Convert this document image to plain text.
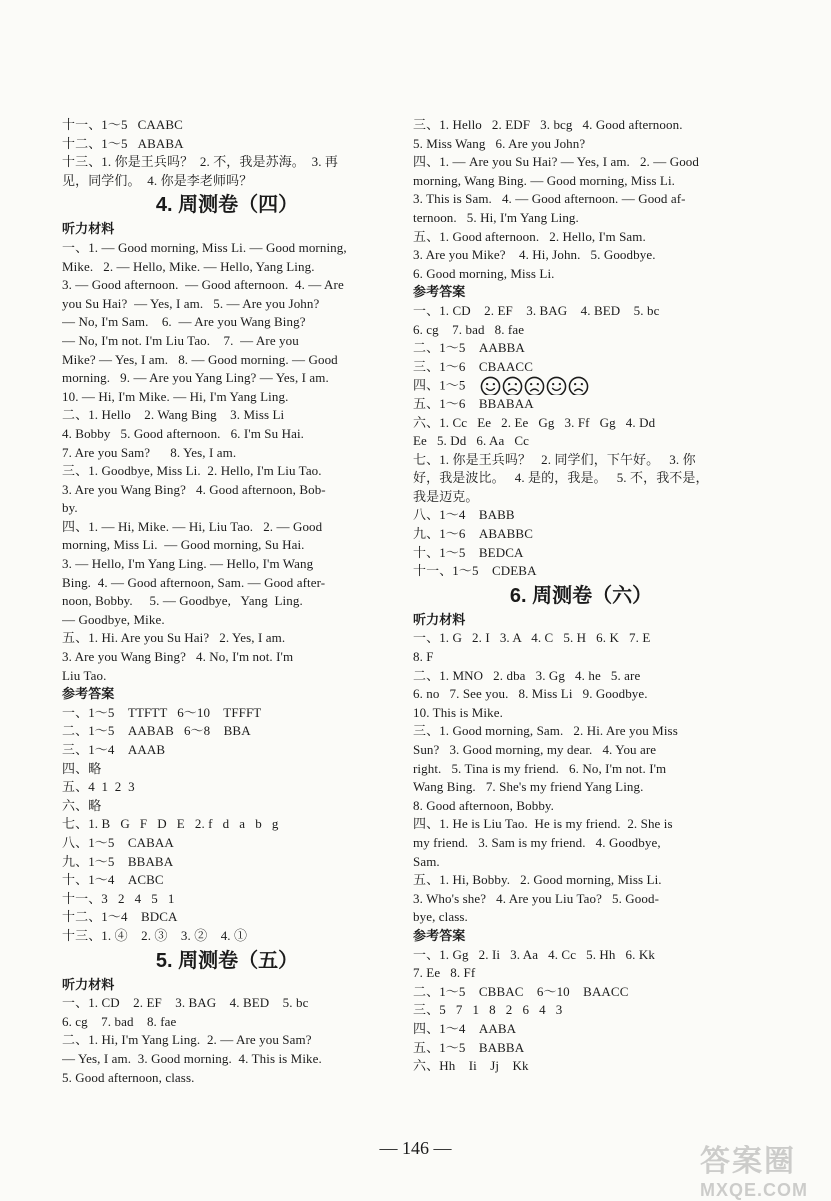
十一、1～5   CAABC
十二、1～5   ABABA
十三、1. 你是王兵吗？  2. 不，我是苏海。  3. 再
见，同学们。  4. 你是李老师吗？
4. 周测卷（四）
听力材料
一、1. — Good morning, Miss Li. — Good morning,
Mike.   2. — Hello, Mike. — Hello, Yang Ling.
3. — Good afternoon.  — Good afternoon.  4. — Are
you Su Hai?  — Yes, I am.   5. — Are you John?
— No, I'm Sam.    6.  — Are you Wang Bing?
— No, I'm not. I'm Liu Tao.    7.  — Are you
Mike? — Yes, I am.   8. — Good morning. — Good
morning.   9. — Are you Yang Ling? — Yes, I am.
10. — Hi, I'm Mike. — Hi, I'm Yang Ling.
二、1. Hello    2. Wang Bing    3. Miss Li
4. Bobby   5. Good afternoon.   6. I'm Su Hai.
7. Are you Sam?      8. Yes, I am.
三、1. Goodbye, Miss Li.  2. Hello, I'm Liu Tao.
3. Are you Wang Bing?   4. Good afternoon, Bob-
by.
四、1. — Hi, Mike. — Hi, Liu Tao.   2. — Good
morning, Miss Li.  — Good morning, Su Hai.
3. — Hello, I'm Yang Ling. — Hello, I'm Wang
Bing.  4. — Good afternoon, Sam. — Good after-
noon, Bobby.     5. — Goodbye,   Yang  Ling.
— Goodbye, Mike.
五、1. Hi. Are you Su Hai?   2. Yes, I am.
3. Are you Wang Bing?   4. No, I'm not. I'm
Liu Tao.
参考答案
一、1～5    TTFTT   6～10    TFFFT
二、1～5    AABAB   6～8    BBA
三、1～4    AAAB
四、略
五、4  1  2  3
六、略
七、1. B   G   F   D   E   2. f   d   a   b   g
八、1～5    CABAA
九、1～5    BBABA
十、1～4    ACBC
十一、3   2   4   5   1
十二、1～4    BDCA
十三、1. ④    2. ③    3. ②    4. ①
5. 周测卷（五）
听力材料
一、1. CD    2. EF    3. BAG    4. BED    5. bc
6. cg    7. bad    8. fae
二、1. Hi, I'm Yang Ling.  2. — Are you Sam?
— Yes, I am.  3. Good morning.  4. This is Mike.
5. Good afternoon, class.
三、1. Hello   2. EDF   3. bcg   4. Good afternoon.
5. Miss Wang   6. Are you John?
四、1. — Are you Su Hai? — Yes, I am.   2. — Good
morning, Wang Bing. — Good morning, Miss Li.
3. This is Sam.   4. — Good afternoon. — Good af-
ternoon.   5. Hi, I'm Yang Ling.
五、1. Good afternoon.   2. Hello, I'm Sam.
3. Are you Mike?    4. Hi, John.   5. Goodbye.
6. Good morning, Miss Li.
参考答案
一、1. CD    2. EF    3. BAG    4. BED    5. bc
6. cg    7. bad   8. fae
二、1～5    AABBA
三、1～6    CBAACC
四、1～5
五、1～6    BBABAA
六、1. Cc   Ee   2. Ee   Gg   3. Ff   Gg   4. Dd
Ee   5. Dd   6. Aa   Cc
七、1. 你是王兵吗？   2. 同学们，下午好。   3. 你
好，我是波比。   4. 是的，我是。   5. 不，我不是，
我是迈克。
八、1～4    BABB
九、1～6    ABABBC
十、1～5    BEDCA
十一、1～5    CDEBA
6. 周测卷（六）
听力材料
一、1. G   2. I   3. A   4. C   5. H   6. K   7. E
8. F
二、1. MNO   2. dba   3. Gg   4. he   5. are
6. no   7. See you.   8. Miss Li   9. Goodbye.
10. This is Mike.
三、1. Good morning, Sam.   2. Hi. Are you Miss
Sun?   3. Good morning, my dear.   4. You are
right.   5. Tina is my friend.   6. No, I'm not. I'm
Wang Bing.   7. She's my friend Yang Ling.
8. Good afternoon, Bobby.
四、1. He is Liu Tao.  He is my friend.  2. She is
my friend.   3. Sam is my friend.   4. Goodbye,
Sam.
五、1. Hi, Bobby.   2. Good morning, Miss Li.
3. Who's she?   4. Are you Liu Tao?   5. Good-
bye, class.
参考答案
一、1. Gg   2. Ii   3. Aa   4. Cc   5. Hh   6. Kk
7. Ee   8. Ff
二、1～5    CBBAC    6～10    BAACC
三、5   7   1   8   2   6   4   3
四、1～4    AABA
五、1～5    BABBA
六、Hh    Ii    Jj    Kk
— 146 —	答案圈
MXQE.COM
